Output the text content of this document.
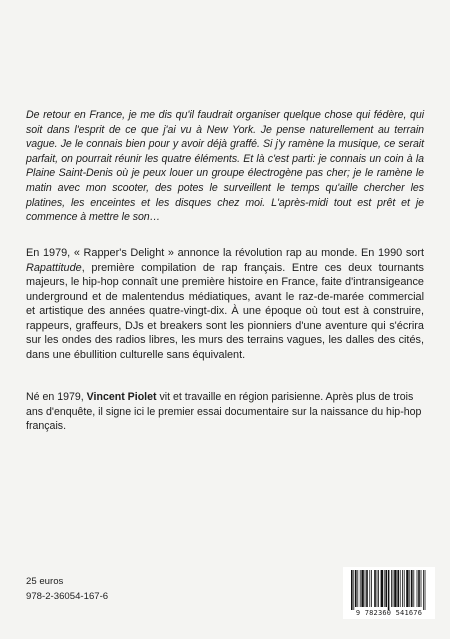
De retour en France, je me dis qu'il faudrait organiser quelque chose qui fédère, qui soit dans l'esprit de ce que j'ai vu à New York. Je pense naturellement au terrain vague. Je le connais bien pour y avoir déjà graffé. Si j'y ramène la musique, ce serait parfait, on pourrait réunir les quatre éléments. Et là c'est parti: je connais un coin à la Plaine Saint-Denis où je peux louer un groupe électrogène pas cher; je le ramène le matin avec mon scooter, des potes le surveillent le temps qu'aille chercher les platines, les enceintes et les disques chez moi. L'après-midi tout est prêt et je commence à mettre le son…

En 1979, « Rapper's Delight » annonce la révolution rap au monde. En 1990 sort Rapattitude, première compilation de rap français. Entre ces deux tournants majeurs, le hip-hop connaît une première histoire en France, faite d'intransigeance underground et de malentendus médiatiques, avant le raz-de-marée commercial et artistique des années quatre-vingt-dix. À une époque où tout est à construire, rappeurs, graffeurs, DJs et breakers sont les pionniers d'une aventure qui s'écrira sur les ondes des radios libres, les murs des terrains vagues, les dalles des cités, dans une ébullition culturelle sans équivalent.

Né en 1979, Vincent Piolet vit et travaille en région parisienne. Après plus de trois ans d'enquête, il signe ici le premier essai documentaire sur la naissance du hip-hop français.

25 euros

978-2-36054-167-6

9 782360 541676
